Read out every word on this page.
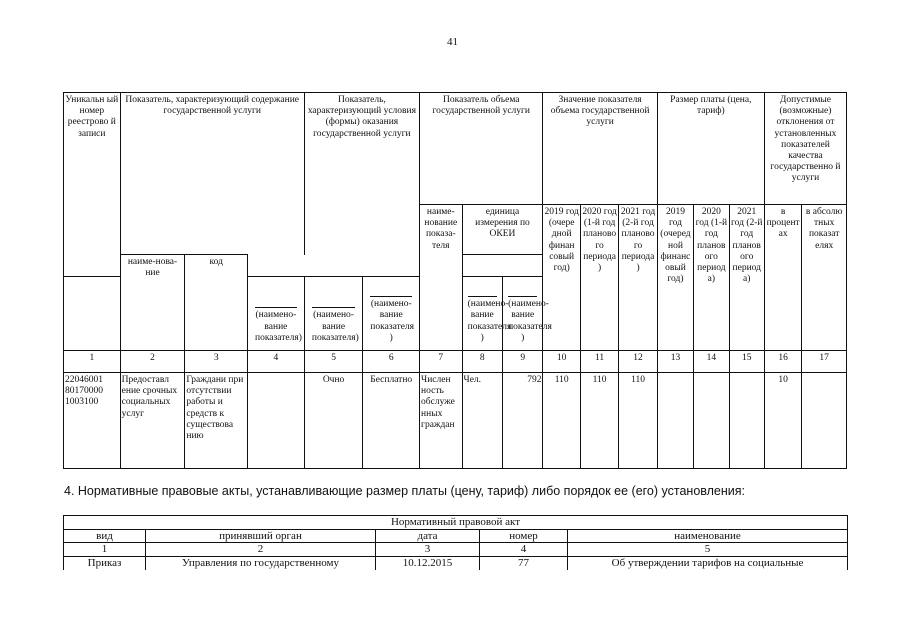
41
Уникальн ый номер реестрово й записи	Показатель, характеризующий содержание государственной услуги			Показатель, характеризующий условия (формы) оказания государственной услуги		Показатель объема государственной услуги			Значение показателя объема государственной услуги			Размер платы (цена, тариф)			Допустимые (возможные) отклонения от установленных показателей качества государственно й услуги	
						наиме-нование показа-теля	единица измерения по ОКЕИ		2019 год (очере дной финан совый год)	2020 год (1-й год планово го периода )	2021 год (2-й год планово го периода )	2019 год (очеред ной финанс овый год)	2020 год (1-й год планов ого период а)	2021 год (2-й год планов ого период а)	в процент ах	в абсолю тных показат елях
	наиме-нова-ние	код														

			(наимено-вание показателя)	(наимено-вание показателя)	(наимено-вание показателя )		(наимено-вание показателя )	(наимено-вание показателя )								

1	2	3	4	5	6	7	8	9	10	11	12	13	14	15	16	17
22046001 80170000 1003100	Предоставл ение срочных социальных услуг	Граждани при отсутствии работы и средств к существова нию		Очно	Бесплатно	Числен ность обслуже нных граждан	Чел.	792	110	110	110				10	
4. Нормативные правовые акты, устанавливающие размер платы (цену, тариф) либо порядок ее (его) установления:
Нормативный правовой акт				
вид	принявший орган	дата	номер	наименование
1	2	3	4	5
Приказ	Управления по государственному	10.12.2015	77	Об утверждении тарифов на социальные
